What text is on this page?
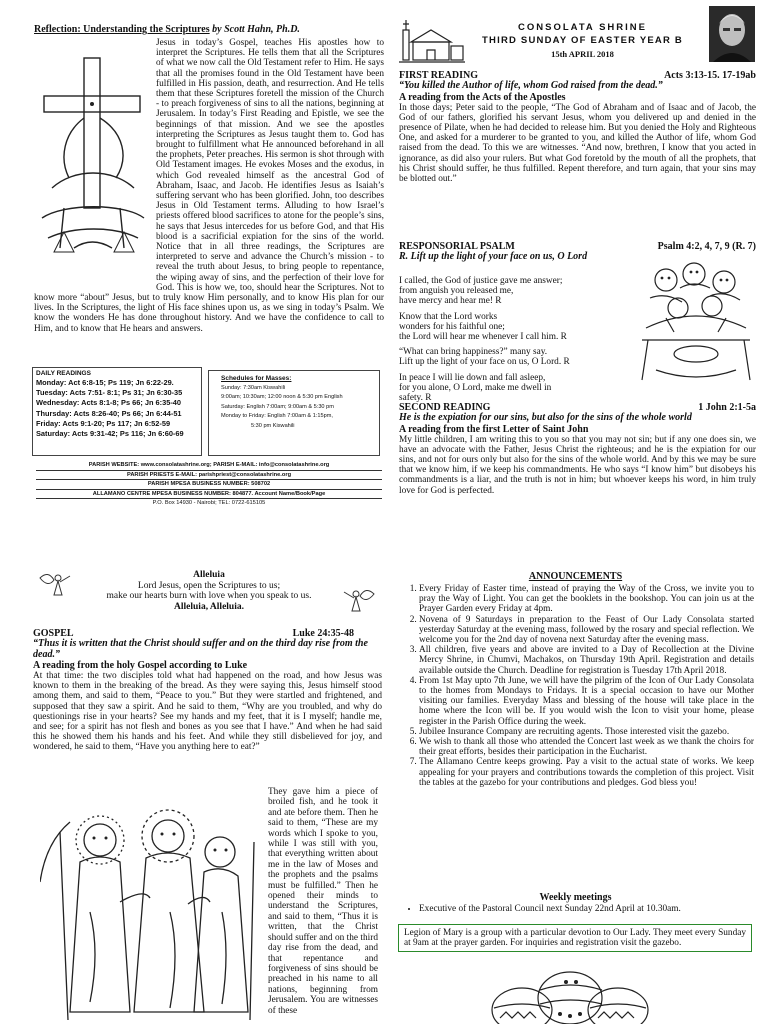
Reflection: Understanding the Scriptures by Scott Hahn, Ph.D.
Jesus in today’s Gospel, teaches His apostles how to interpret the Scriptures. He tells them that all the Scriptures of what we now call the Old Testament refer to Him. He says that all the promises found in the Old Testament have been fulfilled in His passion, death, and resurrection. And He tells them that these Scriptures foretell the mission of the Church - to preach forgiveness of sins to all the nations, beginning at Jerusalem. In today’s First Reading and Epistle, we see the beginnings of that mission. And we see the apostles interpreting the Scriptures as Jesus taught them to. God has brought to fulfillment what He announced beforehand in all the prophets, Peter preaches. His sermon is shot through with Old Testament images. He evokes Moses and the exodus, in which God revealed himself as the ancestral God of Abraham, Isaac, and Jacob. He identifies Jesus as Isaiah’s suffering servant who has been glorified. John, too describes Jesus in Old Testament terms. Alluding to how Israel’s priests offered blood sacrifices to atone for the people’s sins, he says that Jesus intercedes for us before God, and that His blood is a sacrificial expiation for the sins of the world. Notice that in all three readings, the Scriptures are interpreted to serve and advance the Church’s mission - to reveal the truth about Jesus, to bring people to repentance, the wiping away of sins, and the perfection of their love for God. This is how we, too, should hear the Scriptures. Not to know more “about” Jesus, but to truly know Him personally, and to know His plan for our lives. In the Scriptures, the light of His face shines upon us, as we sing in today’s Psalm. We know the wonders He has done throughout history. And we have the confidence to call to Him, and to know that He hears and answers.
DAILY READINGS
Monday: Act 6:8-15; Ps 119; Jn 6:22-29.
Tuesday: Acts 7:51- 8:1; Ps 31; Jn 6:30-35
Wednesday: Acts 8:1-8; Ps 66; Jn 6:35-40
Thursday: Acts 8:26-40; Ps 66; Jn 6:44-51
Friday: Acts 9:1-20; Ps 117; Jn 6:52-59
Saturday: Acts 9:31-42; Ps 116; Jn 6:60-69
Schedules for Masses:
Sunday: 7:30am Kiswahili
9:00am; 10:30am; 12:00 noon & 5:30 pm English
Saturday: English 7:00am; 9:00am & 5:30 pm
Monday to Friday: English 7:00am & 1:15pm,
5:30 pm Kiswahili
PARISH WEBSITE: www.consolatashrine.org; PARISH E-MAIL: info@consolatashrine.org
PARISH PRIESTS E-MAIL: parishpriest@consolatashrine.org
PARISH MPESA BUSINESS NUMBER: 508702
ALLAMANO CENTRE MPESA BUSINESS NUMBER: 804877. Account Name/Book/Page
P.O. Box 14930 - Nairobi; TEL: 0722-615105
CONSOLATA SHRINE
THIRD SUNDAY OF EASTER YEAR B
15th APRIL 2018
FIRST READING	Acts 3:13-15. 17-19ab
“You killed the Author of life, whom God raised from the dead.”
A reading from the Acts of the Apostles
In those days; Peter said to the people, “The God of Abraham and of Isaac and of Jacob, the God of our fathers, glorified his servant Jesus, whom you delivered up and denied in the presence of Pilate, when he had decided to release him. But you denied the Holy and Righteous One, and asked for a murderer to be granted to you, and killed the Author of life, whom God raised from the dead. To this we are witnesses. “And now, brethren, I know that you acted in ignorance, as did also your rulers. But what God foretold by the mouth of all the prophets, that his Christ should suffer, he thus fulfilled. Repent therefore, and turn again, that your sins may be blotted out.”
RESPONSORIAL PSALM	Psalm 4:2, 4, 7, 9 (R. 7)
R. Lift up the light of your face on us, O Lord

I called, the God of justice gave me answer;

from anguish you released me,

have mercy and hear me! R

Know that the Lord works

wonders for his faithful one;

the Lord will hear me whenever I call him. R

“What can bring happiness?” many say.

Lift up the light of your face on us, O Lord. R

In peace I will lie down and fall asleep,

for you alone, O Lord, make me dwell in

safety. R

SECOND READING	1 John 2:1-5a
He is the expiation for our sins, but also for the sins of the whole world
A reading from the first Letter of Saint John
My little children, I am writing this to you so that you may not sin; but if any one does sin, we have an advocate with the Father, Jesus Christ the righteous; and he is the expiation for our sins, and not for ours only but also for the sins of the whole world. And by this we may be sure that we know him, if we keep his commandments. He who says “I know him” but disobeys his commandments is a liar, and the truth is not in him; but whoever keeps his word, in him truly love for God is perfected.
Alleluia
Lord Jesus, open the Scriptures to us;
make our hearts burn with love when you speak to us.
Alleluia, Alleluia.
GOSPEL	Luke 24:35-48
“Thus it is written that the Christ should suffer and on the third day rise from the dead.”
A reading from the holy Gospel according to Luke
At that time: the two disciples told what had happened on the road, and how Jesus was known to them in the breaking of the bread. As they were saying this, Jesus himself stood among them, and said to them, “Peace to you.” But they were startled and frightened, and supposed that they saw a spirit. And he said to them, “Why are you troubled, and why do questionings rise in your hearts? See my hands and my feet, that it is I myself; handle me, and see; for a spirit has not flesh and bones as you see that I have.” And when he had said this he showed them his hands and his feet. And while they still disbelieved for joy, and wondered, he said to them, “Have you anything here to eat?”
They gave him a piece of broiled fish, and he took it and ate before them. Then he said to them, “These are my words which I spoke to you, while I was still with you, that everything written about me in the law of Moses and the prophets and the psalms must be fulfilled.” Then he opened their minds to understand the Scriptures, and said to them, “Thus it is written, that the Christ should suffer and on the third day rise from the dead, and that repentance and forgiveness of sins should be preached in his name to all nations, beginning from Jerusalem. You are witnesses of these
ANNOUNCEMENTS
1. Every Friday of Easter time, instead of praying the Way of the Cross, we invite you to pray the Way of Light. You can get the booklets in the bookshop. You can join us at the Prayer Garden every Friday at 4pm.
2. Novena of 9 Saturdays in preparation to the Feast of Our Lady Consolata started yesterday Saturday at the evening mass, followed by the rosary and special reflection. We welcome you for the 2nd day of novena next Saturday after the evening mass.
3. All children, five years and above are invited to a Day of Recollection at the Divine Mercy Shrine, in Chumvi, Machakos, on Thursday 19th April. Registration and details available outside the Church. Deadline for registration is Tuesday 17th April 2018.
4. From 1st May upto 7th June, we will have the pilgrim of the Icon of Our Lady Consolata to the homes from Mondays to Fridays. It is a special occasion to have our Mother visiting our families. Everyday Mass and blessing of the house will take place in the home where the Icon will be. If you would wish the Icon to visit your home, please register in the Parish Office during the week.
5. Jubilee Insurance Company are recruiting agents. Those interested visit the gazebo.
6. We wish to thank all those who attended the Concert last week as we thank the choirs for their great efforts, besides their participation in the Eucharist.
7. The Allamano Centre keeps growing. Pay a visit to the actual state of works. We keep appealing for your prayers and contributions towards the completion of this project. Visit the tables at the gazebo for your contributions and pledges. God bless you!
Weekly meetings
• Executive of the Pastoral Council next Sunday 22nd April at 10.30am.
Legion of Mary is a group with a particular devotion to Our Lady. They meet every Sunday at 9am at the prayer garden. For inquiries and registration visit the gazebo.
